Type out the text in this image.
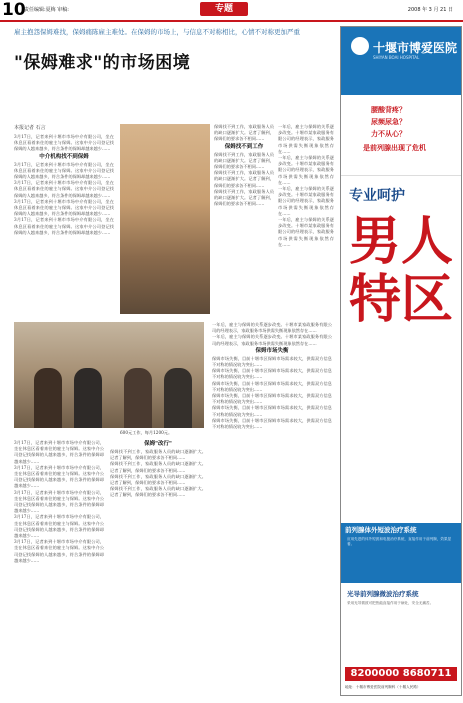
10
责任编辑:夏梅 审稿:	专题	2008 年 3 月 21 日
雇主抱怨保姆难找，保姆痛陈雇主难处。在保姆的市场上，与信息不对称相比，心情不对称更加严重
"保姆难求"的市场困境
本报记者 石言
3月17日，记者来到十堰市市场中介有限公司，坐在休息区看着来往的雇主与保姆。这家中介公司登记找保姆的人越来越多，符合条件的保姆却越来越少……
中介机构找不到保姆
3月17日，记者来到十堰市市场中介有限公司，坐在休息区看着来往的雇主与保姆。这家中介公司登记找保姆的人越来越多，符合条件的保姆却越来越少……
3月17日，记者来到十堰市市场中介有限公司，坐在休息区看着来往的雇主与保姆。这家中介公司登记找保姆的人越来越多，符合条件的保姆却越来越少……
3月17日，记者来到十堰市市场中介有限公司，坐在休息区看着来往的雇主与保姆。这家中介公司登记找保姆的人越来越多，符合条件的保姆却越来越少……
3月17日，记者来到十堰市市场中介有限公司，坐在休息区看着来往的雇主与保姆。这家中介公司登记找保姆的人越来越多，符合条件的保姆却越来越少……
保姆找不到工作，家政服务人员的缺口逐渐扩大。记者了解到，保姆们的要求各不相同……
保姆找不到工作
保姆找不到工作，家政服务人员的缺口逐渐扩大。记者了解到，保姆们的要求各不相同……
保姆找不到工作，家政服务人员的缺口逐渐扩大。记者了解到，保姆们的要求各不相同……
保姆找不到工作，家政服务人员的缺口逐渐扩大。记者了解到，保姆们的要求各不相同……
一年后，雇主与保姆的关系逐步改变。十堰市某家政服务有限公司的经理表示，家政服务市场供需失衡现象依然存在……
一年后，雇主与保姆的关系逐步改变。十堰市某家政服务有限公司的经理表示，家政服务市场供需失衡现象依然存在……
一年后，雇主与保姆的关系逐步改变。十堰市某家政服务有限公司的经理表示，家政服务市场供需失衡现象依然存在……
一年后，雇主与保姆的关系逐步改变。十堰市某家政服务有限公司的经理表示，家政服务市场供需失衡现象依然存在……
600元工作，每月1200元。
一年后，雇主与保姆的关系逐步改变。十堰市某家政服务有限公司的经理表示，家政服务市场供需失衡现象依然存在……
一年后，雇主与保姆的关系逐步改变。十堰市某家政服务有限公司的经理表示，家政服务市场供需失衡现象依然存在……
保姆市场失衡
保姆市场失衡，目前十堰市区保姆市场需求较大，供需双方信息不对称的情况较为突出……
保姆市场失衡，目前十堰市区保姆市场需求较大，供需双方信息不对称的情况较为突出……
保姆市场失衡，目前十堰市区保姆市场需求较大，供需双方信息不对称的情况较为突出……
保姆市场失衡，目前十堰市区保姆市场需求较大，供需双方信息不对称的情况较为突出……
保姆市场失衡，目前十堰市区保姆市场需求较大，供需双方信息不对称的情况较为突出……
保姆市场失衡，目前十堰市区保姆市场需求较大，供需双方信息不对称的情况较为突出……
3月17日，记者来到十堰市市场中介有限公司，坐在休息区看着来往的雇主与保姆。这家中介公司登记找保姆的人越来越多，符合条件的保姆却越来越少……
3月17日，记者来到十堰市市场中介有限公司，坐在休息区看着来往的雇主与保姆。这家中介公司登记找保姆的人越来越多，符合条件的保姆却越来越少……
3月17日，记者来到十堰市市场中介有限公司，坐在休息区看着来往的雇主与保姆。这家中介公司登记找保姆的人越来越多，符合条件的保姆却越来越少……
3月17日，记者来到十堰市市场中介有限公司，坐在休息区看着来往的雇主与保姆。这家中介公司登记找保姆的人越来越多，符合条件的保姆却越来越少……
3月17日，记者来到十堰市市场中介有限公司，坐在休息区看着来往的雇主与保姆。这家中介公司登记找保姆的人越来越多，符合条件的保姆却越来越少……
保姆"改行"
保姆找不到工作，家政服务人员的缺口逐渐扩大。记者了解到，保姆们的要求各不相同……
保姆找不到工作，家政服务人员的缺口逐渐扩大。记者了解到，保姆们的要求各不相同……
保姆找不到工作，家政服务人员的缺口逐渐扩大。记者了解到，保姆们的要求各不相同……
保姆找不到工作，家政服务人员的缺口逐渐扩大。记者了解到，保姆们的要求各不相同……
十堰市博爱医院
SHIYAN BOAI HOSPITAL
腰酸背疼？
尿频尿急？
力不从心？
是前列腺出现了危机
专业呵护
男人特区
前列腺体外短波治疗系统
应用先进的体外短波和电极治疗系统，直接作用于前列腺，效果显著。
光导前列腺微波治疗系统
采用光导微波可把热能直接作用于病灶，安全无痛苦。
8200000 8680711
地址：十堰市博爱医院前列腺科（十堰人民路）
